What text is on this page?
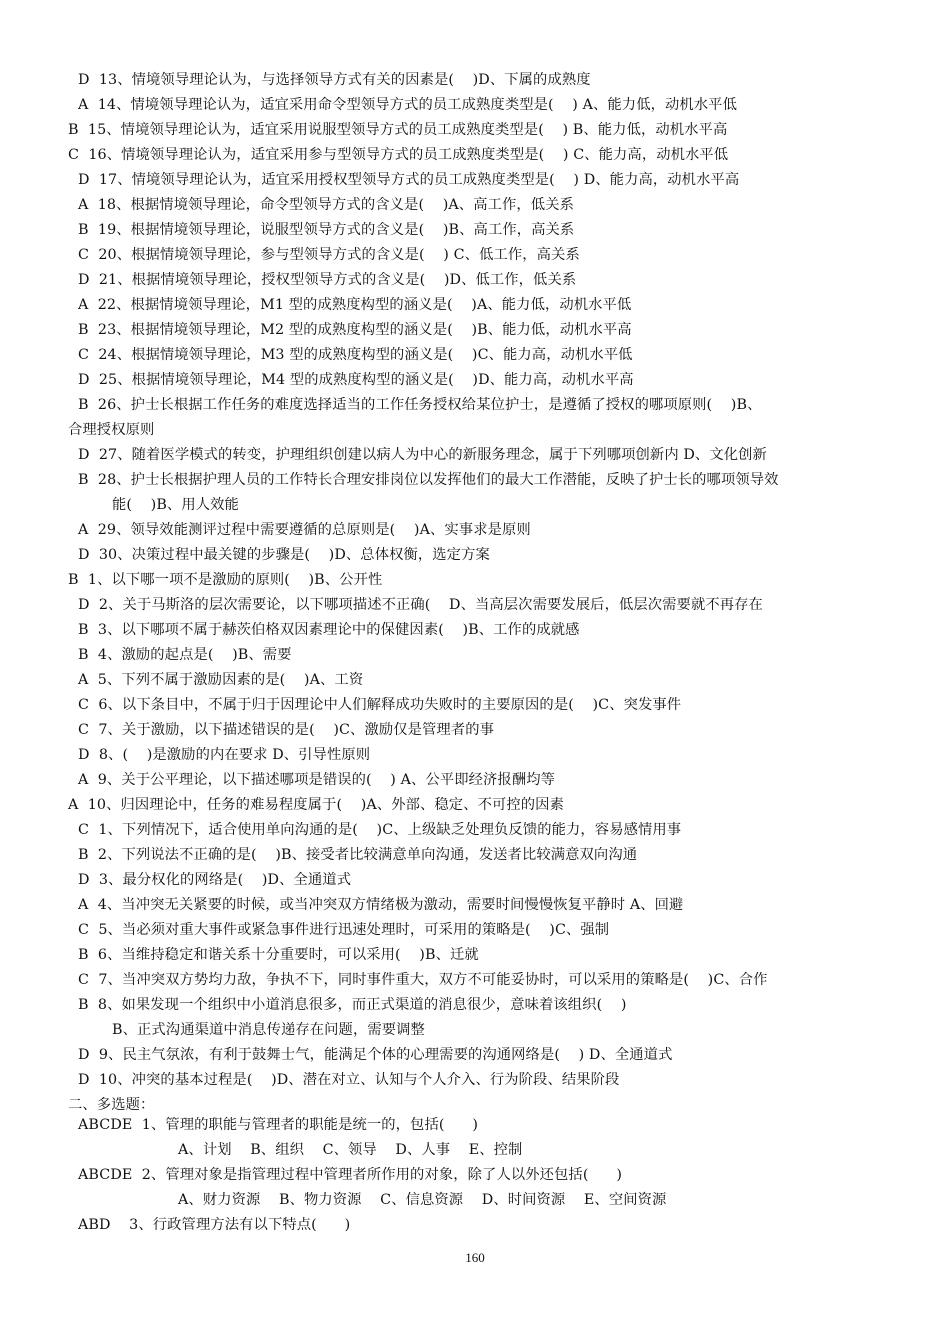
D  13、情境领导理论认为，与选择领导方式有关的因素是(    )D、下属的成熟度
A  14、情境领导理论认为，适宜采用命令型领导方式的员工成熟度类型是(    ) A、能力低，动机水平低
B  15、情境领导理论认为，适宜采用说服型领导方式的员工成熟度类型是(    ) B、能力低，动机水平高
C  16、情境领导理论认为，适宜采用参与型领导方式的员工成熟度类型是(    ) C、能力高，动机水平低
D  17、情境领导理论认为，适宜采用授权型领导方式的员工成熟度类型是(    ) D、能力高，动机水平高
A  18、根据情境领导理论，命令型领导方式的含义是(    )A、高工作，低关系
B  19、根据情境领导理论，说服型领导方式的含义是(    )B、高工作，高关系
C  20、根据情境领导理论，参与型领导方式的含义是(    ) C、低工作，高关系
D  21、根据情境领导理论，授权型领导方式的含义是(    )D、低工作，低关系
A  22、根据情境领导理论，M1 型的成熟度构型的涵义是(    )A、能力低，动机水平低
B  23、根据情境领导理论，M2 型的成熟度构型的涵义是(    )B、能力低，动机水平高
C  24、根据情境领导理论，M3 型的成熟度构型的涵义是(    )C、能力高，动机水平低
D  25、根据情境领导理论，M4 型的成熟度构型的涵义是(    )D、能力高，动机水平高
B  26、护士长根据工作任务的难度选择适当的工作任务授权给某位护士，是遵循了授权的哪项原则(    )B、
合理授权原则
D  27、随着医学模式的转变，护理组织创建以病人为中心的新服务理念，属于下列哪项创新内 D、文化创新
B  28、护士长根据护理人员的工作特长合理安排岗位以发挥他们的最大工作潜能，反映了护士长的哪项领导效
能(    )B、用人效能
A  29、领导效能测评过程中需要遵循的总原则是(    )A、实事求是原则
D  30、决策过程中最关键的步骤是(    )D、总体权衡，选定方案
B  1、以下哪一项不是激励的原则(    )B、公开性
D  2、关于马斯洛的层次需要论，以下哪项描述不正确(    D、当高层次需要发展后，低层次需要就不再存在
B  3、以下哪项不属于赫茨伯格双因素理论中的保健因素(    )B、工作的成就感
B  4、激励的起点是(    )B、需要
A  5、下列不属于激励因素的是(    )A、工资
C  6、以下条目中，不属于归于因理论中人们解释成功失败时的主要原因的是(    )C、突发事件
C  7、关于激励，以下描述错误的是(    )C、激励仅是管理者的事
D  8、(    )是激励的内在要求 D、引导性原则
A  9、关于公平理论，以下描述哪项是错误的(    ) A、公平即经济报酬均等
A  10、归因理论中，任务的难易程度属于(    )A、外部、稳定、不可控的因素
C  1、下列情况下，适合使用单向沟通的是(    )C、上级缺乏处理负反馈的能力，容易感情用事
B  2、下列说法不正确的是(    )B、接受者比较满意单向沟通，发送者比较满意双向沟通
D  3、最分权化的网络是(    )D、全通道式
A  4、当冲突无关紧要的时候，或当冲突双方情绪极为激动，需要时间慢慢恢复平静时 A、回避
C  5、当必须对重大事件或紧急事件进行迅速处理时，可采用的策略是(    )C、强制
B  6、当维持稳定和谐关系十分重要时，可以采用(    )B、迁就
C  7、当冲突双方势均力敌，争执不下，同时事件重大，双方不可能妥协时，可以采用的策略是(    )C、合作
B  8、如果发现一个组织中小道消息很多，而正式渠道的消息很少，意味着该组织(    )
B、正式沟通渠道中消息传递存在问题，需要调整
D  9、民主气氛浓，有利于鼓舞士气，能满足个体的心理需要的沟通网络是(    ) D、全通道式
D  10、冲突的基本过程是(    )D、潜在对立、认知与个人介入、行为阶段、结果阶段
二、多选题：
ABCDE  1、管理的职能与管理者的职能是统一的，包括(      )
A、计划    B、组织    C、领导    D、人事    E、控制
ABCDE  2、管理对象是指管理过程中管理者所作用的对象，除了人以外还包括(      )
A、财力资源    B、物力资源    C、信息资源    D、时间资源    E、空间资源
ABD    3、行政管理方法有以下特点(      )
160
